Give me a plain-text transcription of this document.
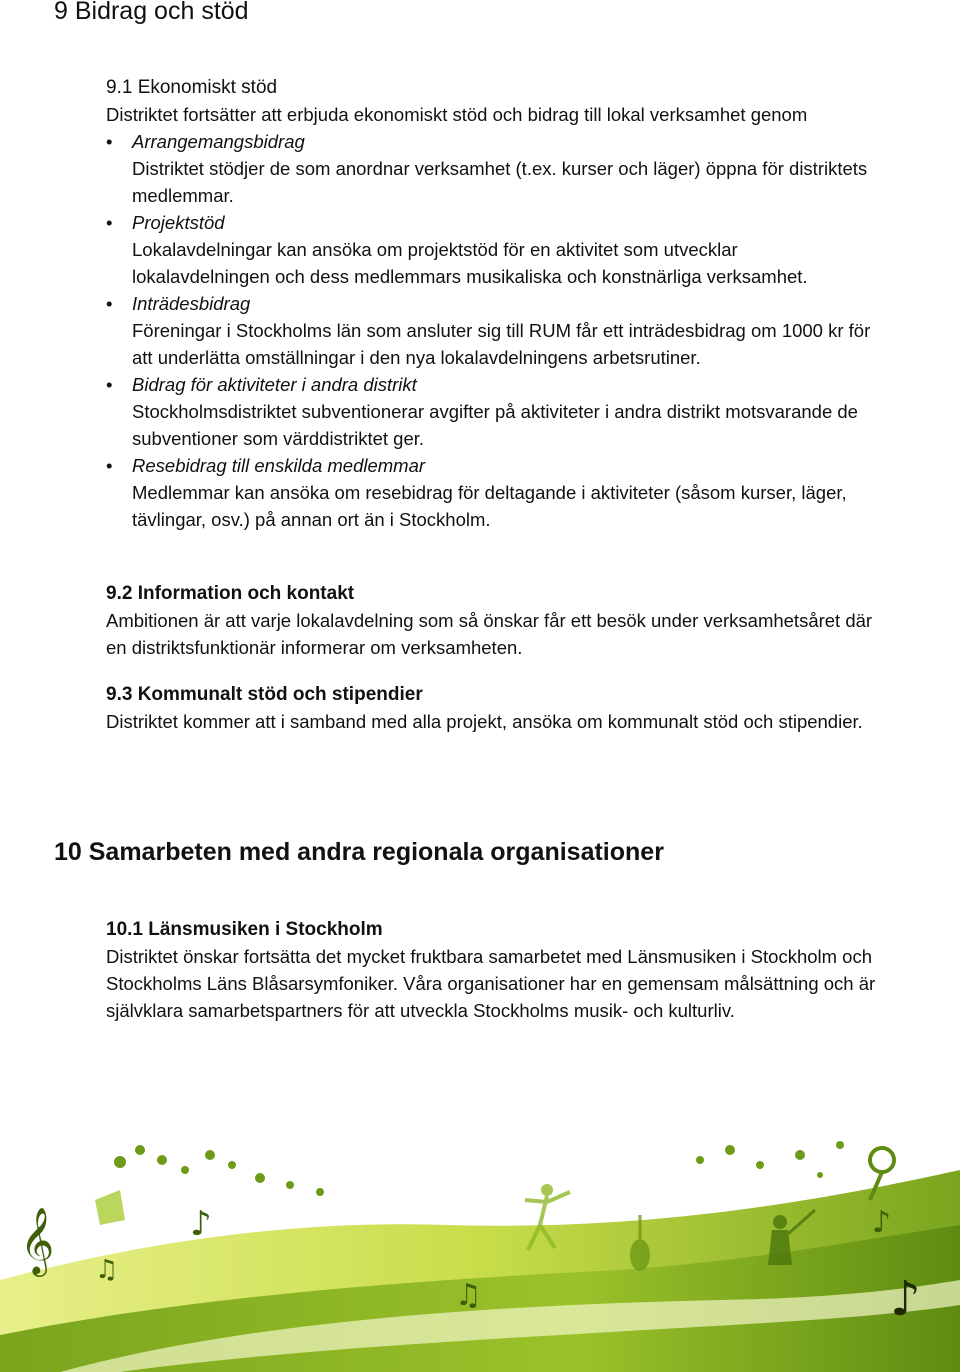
9 Bidrag och stöd
9.1 Ekonomiskt stöd

Distriktet fortsätter att erbjuda ekonomiskt stöd och bidrag till lokal verksamhet genom

• Arrangemangsbidrag
Distriktet stödjer de som anordnar verksamhet (t.ex. kurser och läger) öppna för distriktets medlemmar.
• Projektstöd
Lokalavdelningar kan ansöka om projektstöd för en aktivitet som utvecklar lokalavdelningen och dess medlemmars musikaliska och konstnärliga verksamhet.
• Inträdesbidrag
Föreningar i Stockholms län som ansluter sig till RUM får ett inträdesbidrag om 1000 kr för att underlätta omställningar i den nya lokalavdelningens arbetsrutiner.
• Bidrag för aktiviteter i andra distrikt
Stockholmsdistriktet subventionerar avgifter på aktiviteter i andra distrikt motsvarande de subventioner som värddistriktet ger.
• Resebidrag till enskilda medlemmar
Medlemmar kan ansöka om resebidrag för deltagande i aktiviteter (såsom kurser, läger, tävlingar, osv.) på annan ort än i Stockholm.
9.2 Information och kontakt

Ambitionen är att varje lokalavdelning som så önskar får ett besök under verksamhetsåret där en distriktsfunktionär informerar om verksamheten.

9.3 Kommunalt stöd och stipendier

Distriktet kommer att i samband med alla projekt, ansöka om kommunalt stöd och stipendier.

10 Samarbeten med andra regionala organisationer
10.1 Länsmusiken i Stockholm

Distriktet önskar fortsätta det mycket fruktbara samarbetet med Länsmusiken i Stockholm och Stockholms Läns Blåsarsymfoniker. Våra organisationer har en gemensam målsättning och är självklara samarbetspartners för att utveckla Stockholms musik- och kulturliv.

𝄞	♪
♫
♫
♪
♪
